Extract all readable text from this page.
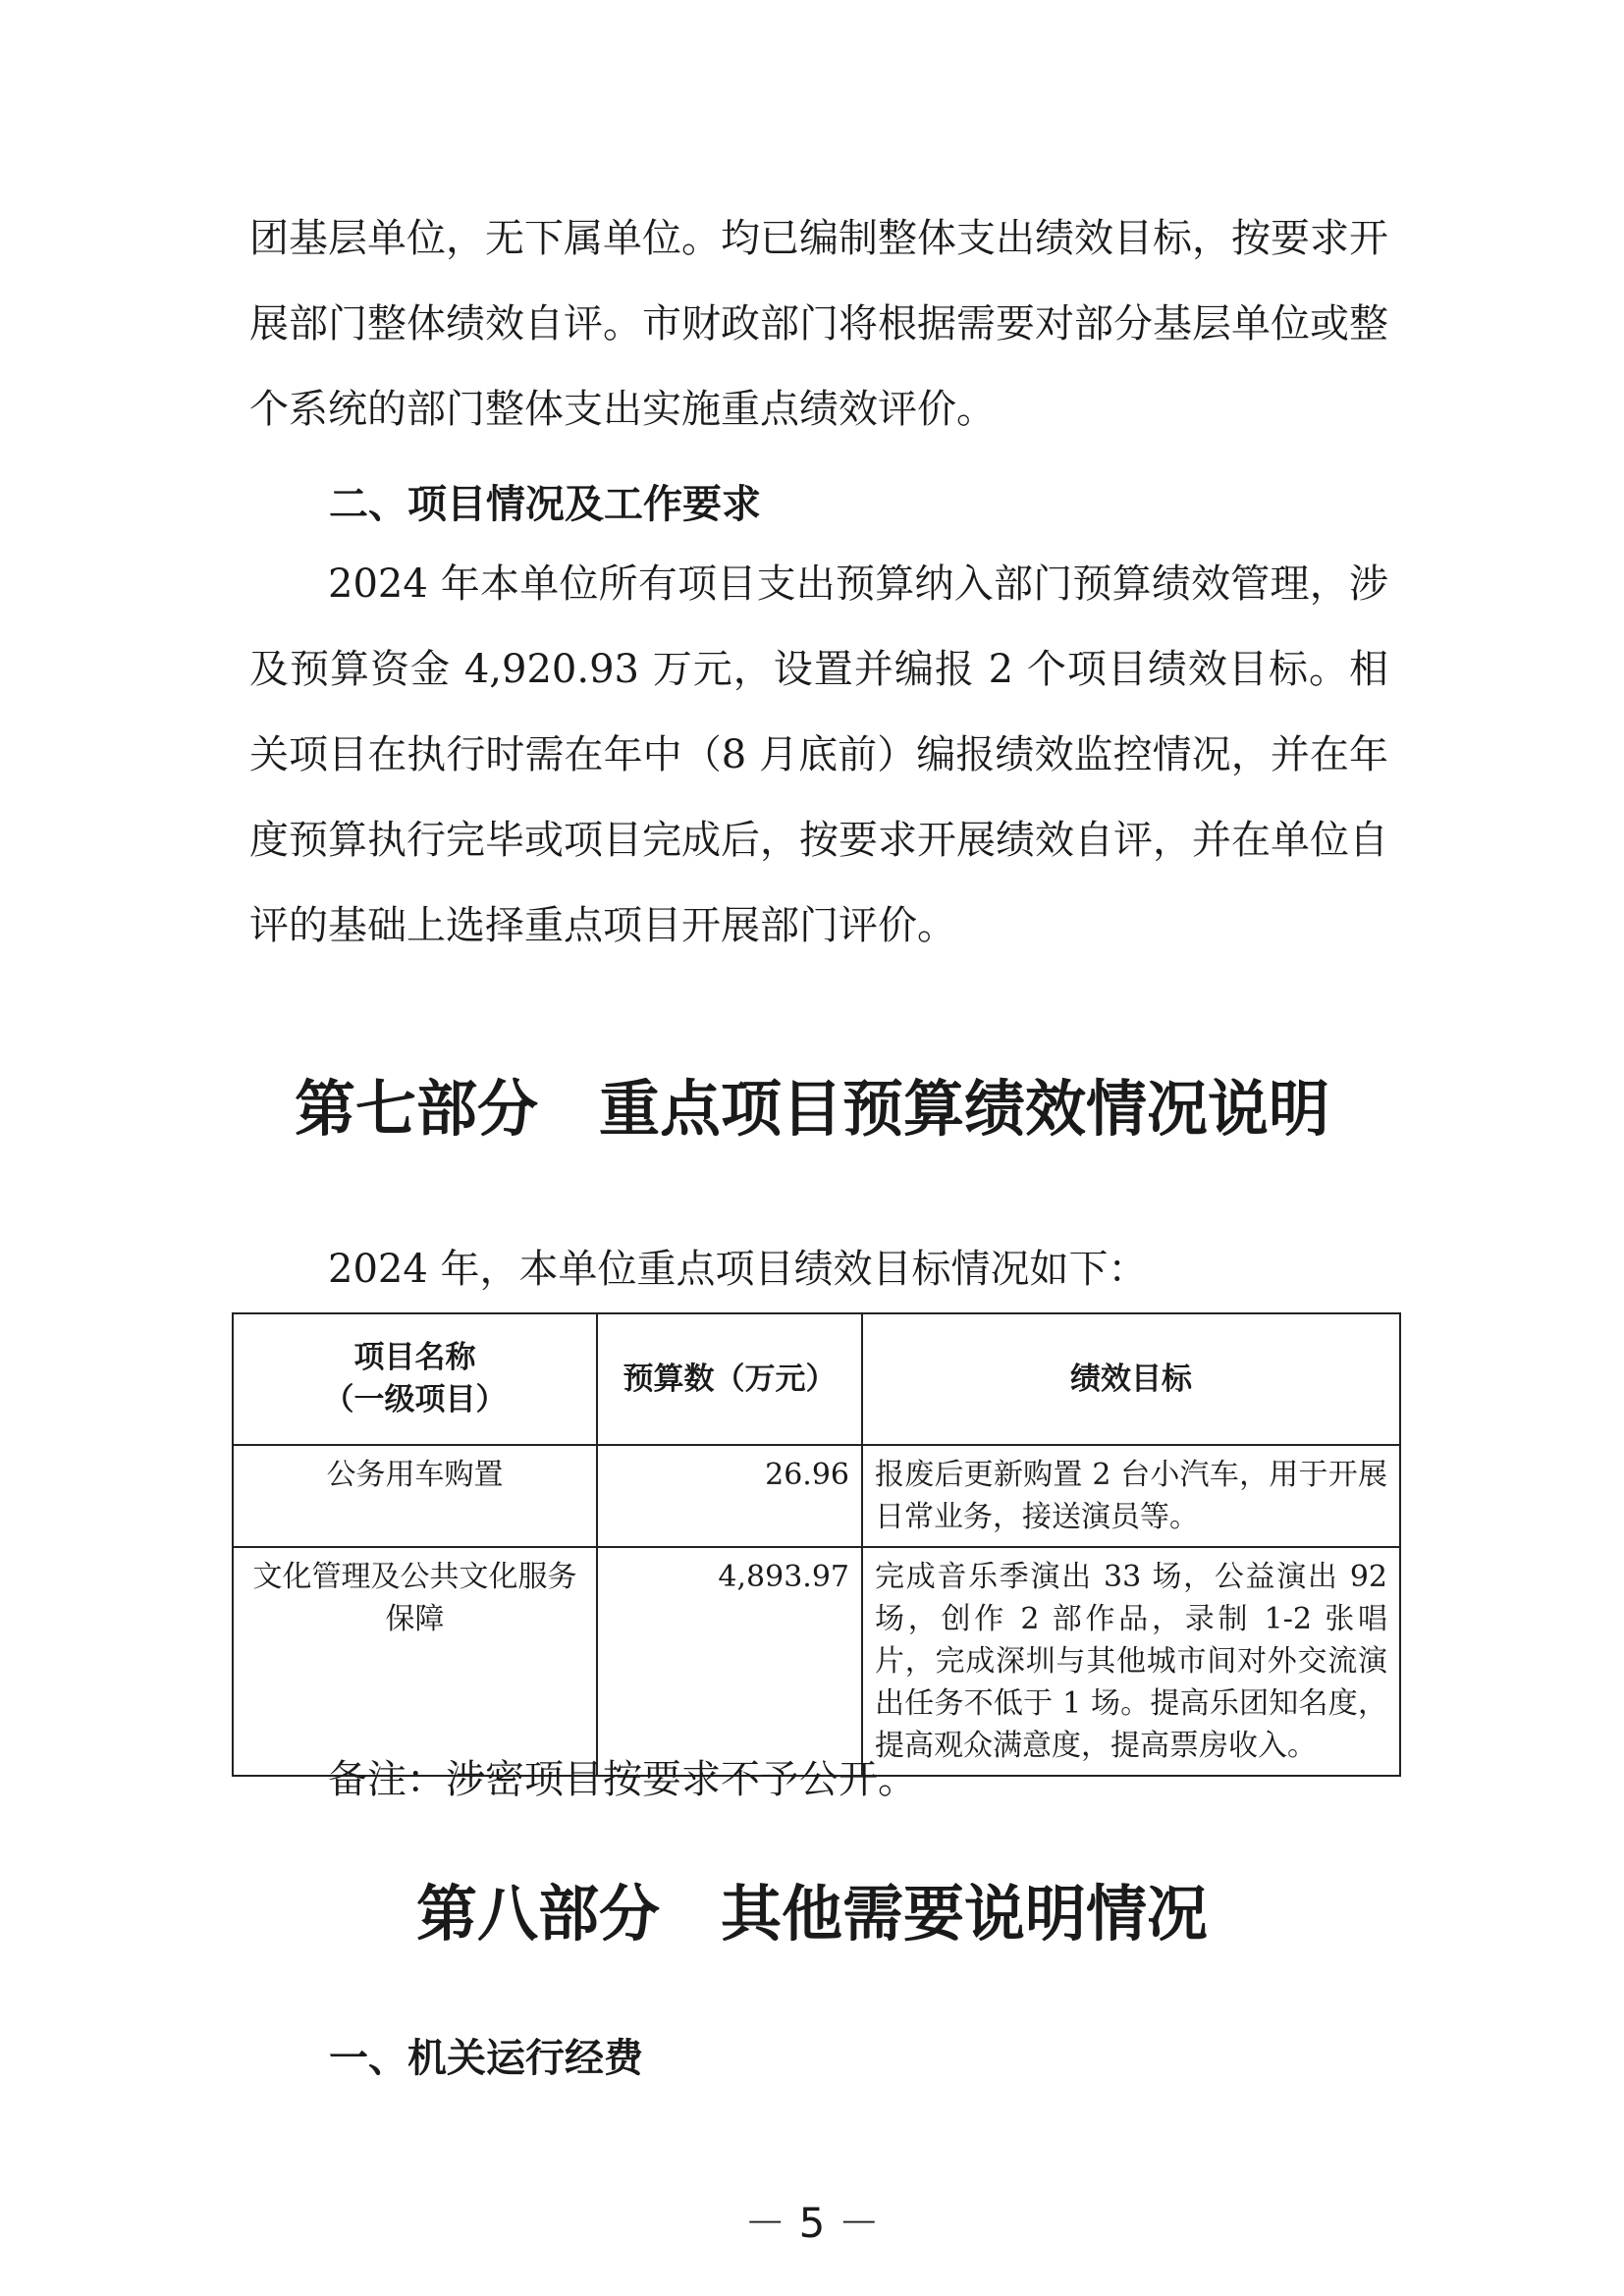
团基层单位，无下属单位。均已编制整体支出绩效目标，按要求开展部门整体绩效自评。市财政部门将根据需要对部分基层单位或整个系统的部门整体支出实施重点绩效评价。

二、项目情况及工作要求

2024 年本单位所有项目支出预算纳入部门预算绩效管理，涉及预算资金 4,920.93 万元，设置并编报 2 个项目绩效目标。相关项目在执行时需在年中（8 月底前）编报绩效监控情况，并在年度预算执行完毕或项目完成后，按要求开展绩效自评，并在单位自评的基础上选择重点项目开展部门评价。

第七部分　重点项目预算绩效情况说明

2024 年，本单位重点项目绩效目标情况如下：

项目名称
（一级项目）	预算数（万元）	绩效目标
公务用车购置	26.96	报废后更新购置 2 台小汽车，用于开展日常业务，接送演员等。
文化管理及公共文化服务保障	4,893.97	完成音乐季演出 33 场，公益演出 92 场，创作 2 部作品，录制 1-2 张唱片，完成深圳与其他城市间对外交流演出任务不低于 1 场。提高乐团知名度，提高观众满意度，提高票房收入。

备注：涉密项目按要求不予公开。

第八部分　其他需要说明情况

一、机关运行经费

－ 5 －
